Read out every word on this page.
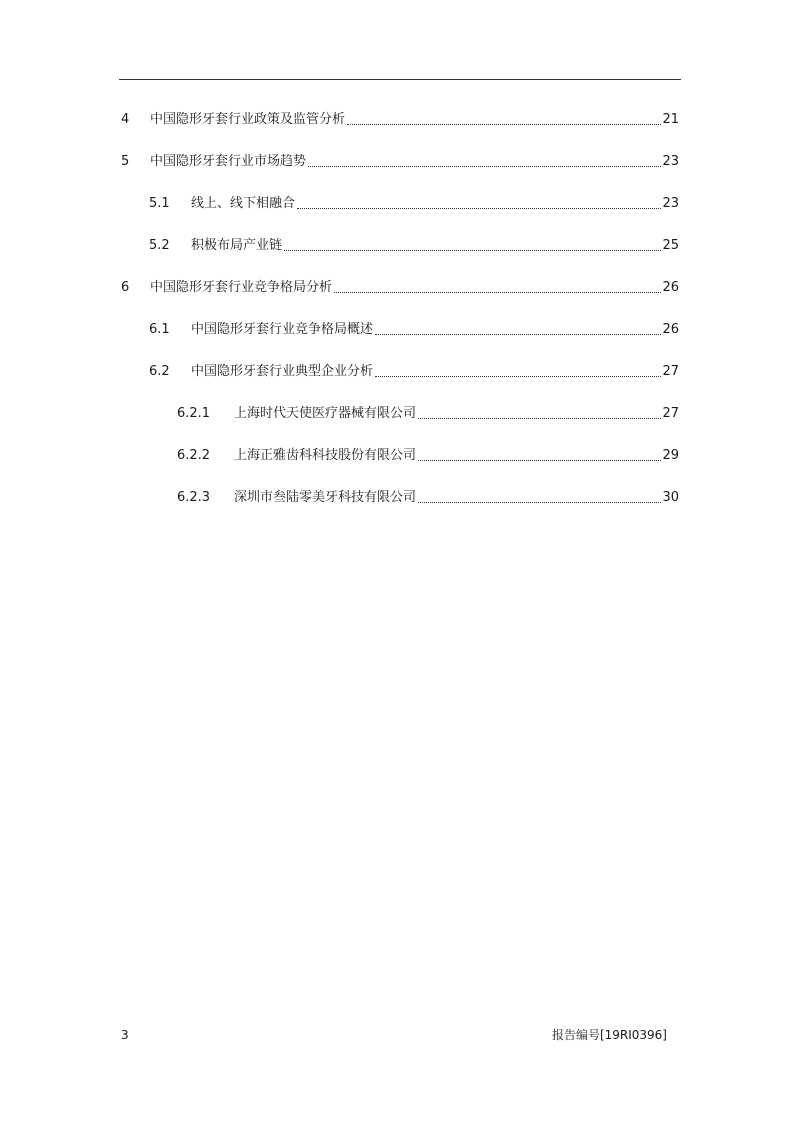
4	中国隐形牙套行业政策及监管分析	21
5	中国隐形牙套行业市场趋势	23
5.1	线上、线下相融合	23
5.2	积极布局产业链	25
6	中国隐形牙套行业竞争格局分析	26
6.1	中国隐形牙套行业竞争格局概述	26
6.2	中国隐形牙套行业典型企业分析	27
6.2.1	上海时代天使医疗器械有限公司	27
6.2.2	上海正雅齿科科技股份有限公司	29
6.2.3	深圳市叁陆零美牙科技有限公司	30
3	报告编号[19RI0396]
